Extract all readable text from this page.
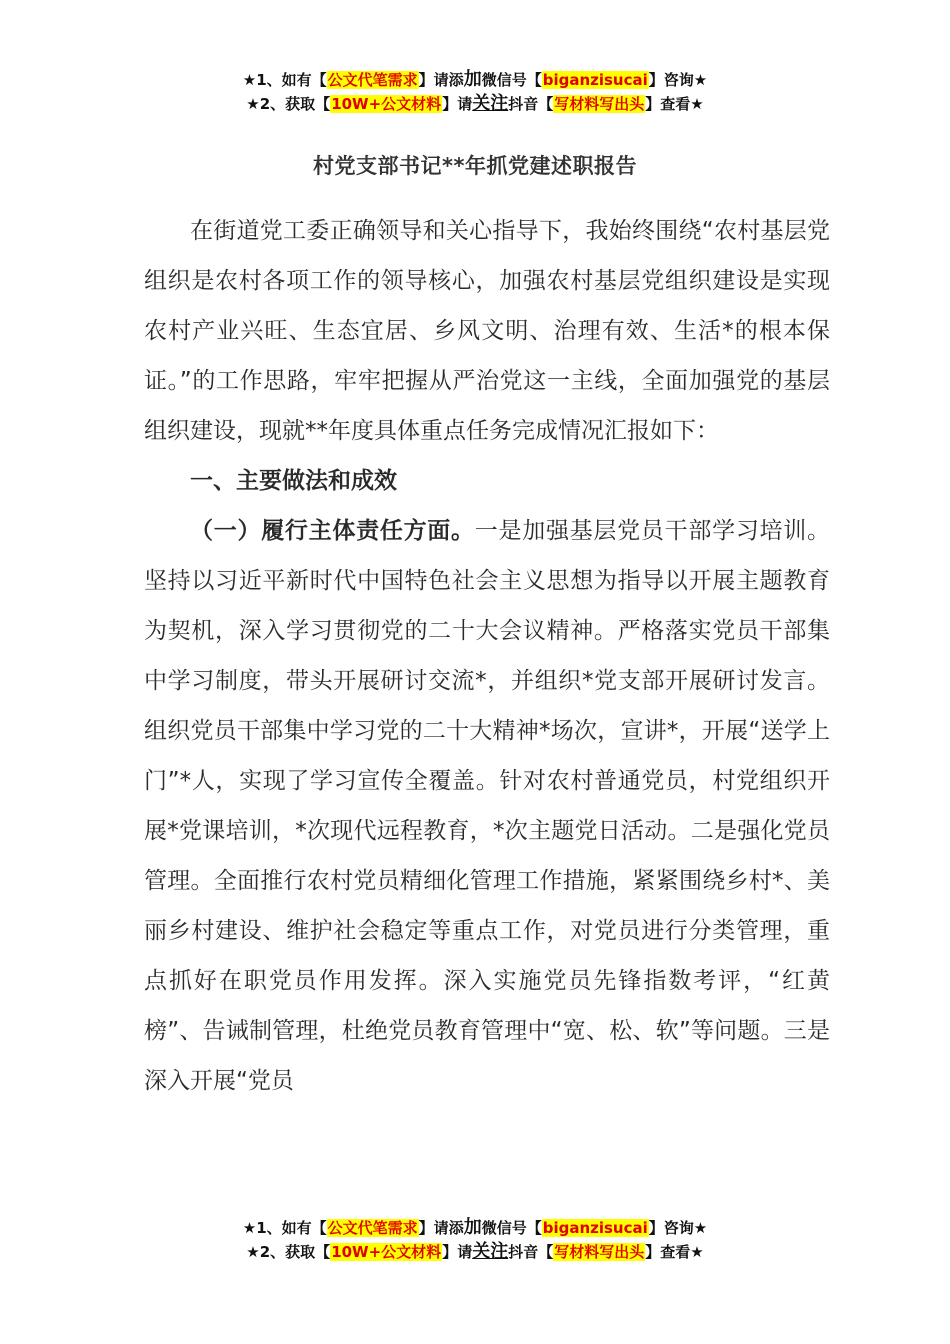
★1、如有【公文代笔需求】请添加微信号【biganzisucai】咨询★
★2、获取【10W+公文材料】请关注抖音【写材料写出头】查看★
村党支部书记**年抓党建述职报告

在街道党工委正确领导和关心指导下，我始终围绕“农村基层党组织是农村各项工作的领导核心，加强农村基层党组织建设是实现农村产业兴旺、生态宜居、乡风文明、治理有效、生活*的根本保证。”的工作思路，牢牢把握从严治党这一主线，全面加强党的基层组织建设，现就**年度具体重点任务完成情况汇报如下：

一、主要做法和成效

（一）履行主体责任方面。一是加强基层党员干部学习培训。坚持以习近平新时代中国特色社会主义思想为指导以开展主题教育为契机，深入学习贯彻党的二十大会议精神。严格落实党员干部集中学习制度，带头开展研讨交流*，并组织*党支部开展研讨发言。组织党员干部集中学习党的二十大精神*场次，宣讲*，开展“送学上门”*人，实现了学习宣传全覆盖。针对农村普通党员，村党组织开展*党课培训，*次现代远程教育，*次主题党日活动。二是强化党员管理。全面推行农村党员精细化管理工作措施，紧紧围绕乡村*、美丽乡村建设、维护社会稳定等重点工作，对党员进行分类管理，重点抓好在职党员作用发挥。深入实施党员先锋指数考评，“红黄榜”、告诫制管理，杜绝党员教育管理中“宽、松、软”等问题。三是深入开展“党员

★1、如有【公文代笔需求】请添加微信号【biganzisucai】咨询★
★2、获取【10W+公文材料】请关注抖音【写材料写出头】查看★
